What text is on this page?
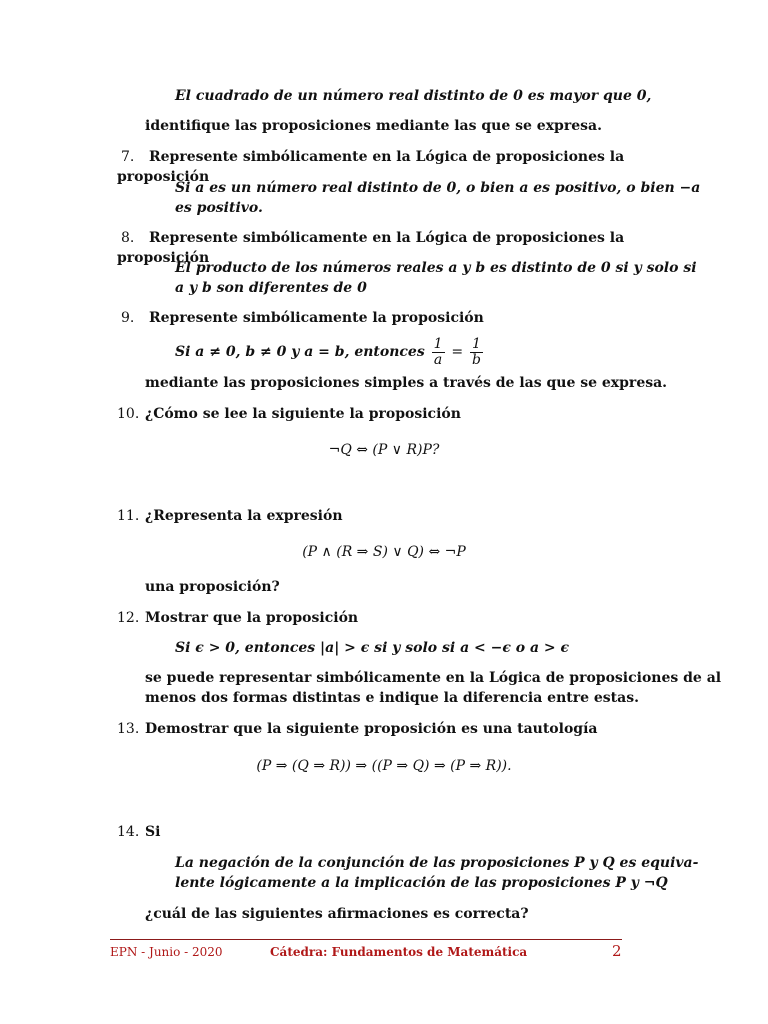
El cuadrado de un número real distinto de 0 es mayor que 0,
identifique las proposiciones mediante las que se expresa.
7. Represente simbólicamente en la Lógica de proposiciones la proposición
Si a es un número real distinto de 0, o bien a es positivo, o bien −a
es positivo.
8. Represente simbólicamente en la Lógica de proposiciones la proposición
El producto de los números reales a y b es distinto de 0 si y solo si
a y b son diferentes de 0
9. Represente simbólicamente la proposición
Si a ≠ 0, b ≠ 0 y a = b, entonces $\frac{1}{a} = \frac{1}{b}$
mediante las proposiciones simples a través de las que se expresa.
10. ¿Cómo se lee la siguiente la proposición
¬Q ⇔ (P ∨ R)P?
11. ¿Representa la expresión
(P ∧ (R ⇒ S) ∨ Q) ⇔ ¬P
una proposición?
12. Mostrar que la proposición
Si ϵ > 0, entonces |a| > ϵ si y solo si a < −ϵ o a > ϵ
se puede representar simbólicamente en la Lógica de proposiciones de al
menos dos formas distintas e indique la diferencia entre estas.
13. Demostrar que la siguiente proposición es una tautología
(P ⇒ (Q ⇒ R)) ⇒ ((P ⇒ Q) ⇒ (P ⇒ R)).
14. Si
La negación de la conjunción de las proposiciones P y Q es equiva-
lente lógicamente a la implicación de las proposiciones P y ¬Q
¿cuál de las siguientes afirmaciones es correcta?
EPN - Junio - 2020	Cátedra: Fundamentos de Matemática	2
